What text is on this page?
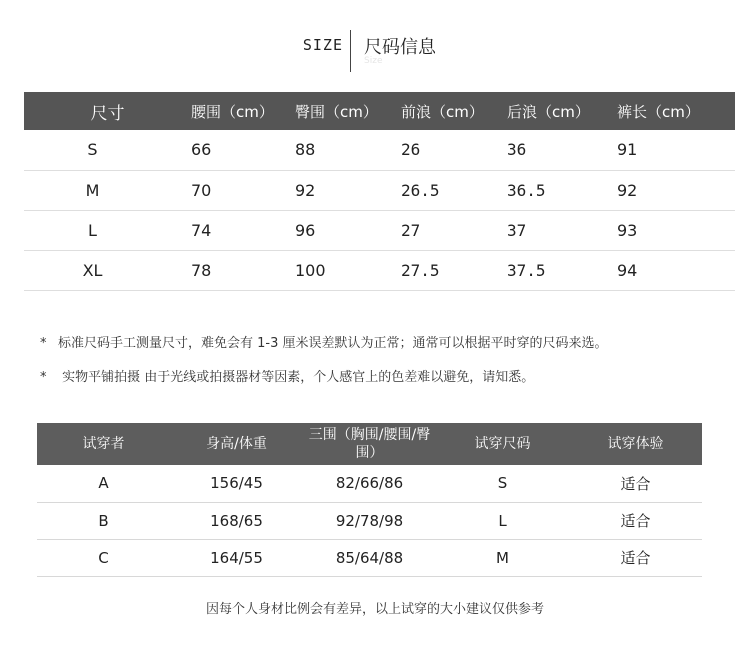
SIZE 尺码信息
Size
尺寸	腰围（cm）	臀围（cm）	前浪（cm）	后浪（cm）	裤长（cm）
S	66	88	26	36	91
M	70	92	26.5	36.5	92
L	74	96	27	37	93
XL	78	100	27.5	37.5	94
* 标准尺码手工测量尺寸，难免会有 1-3 厘米误差默认为正常；通常可以根据平时穿的尺码来选。
* 实物平铺拍摄 由于光线或拍摄器材等因素，个人感官上的色差难以避免，请知悉。
试穿者	身高/体重	三围（胸围/腰围/臀围）	试穿尺码	试穿体验
A	156/45	82/66/86	S	适合
B	168/65	92/78/98	L	适合
C	164/55	85/64/88	M	适合
因每个人身材比例会有差异，以上试穿的大小建议仅供参考
